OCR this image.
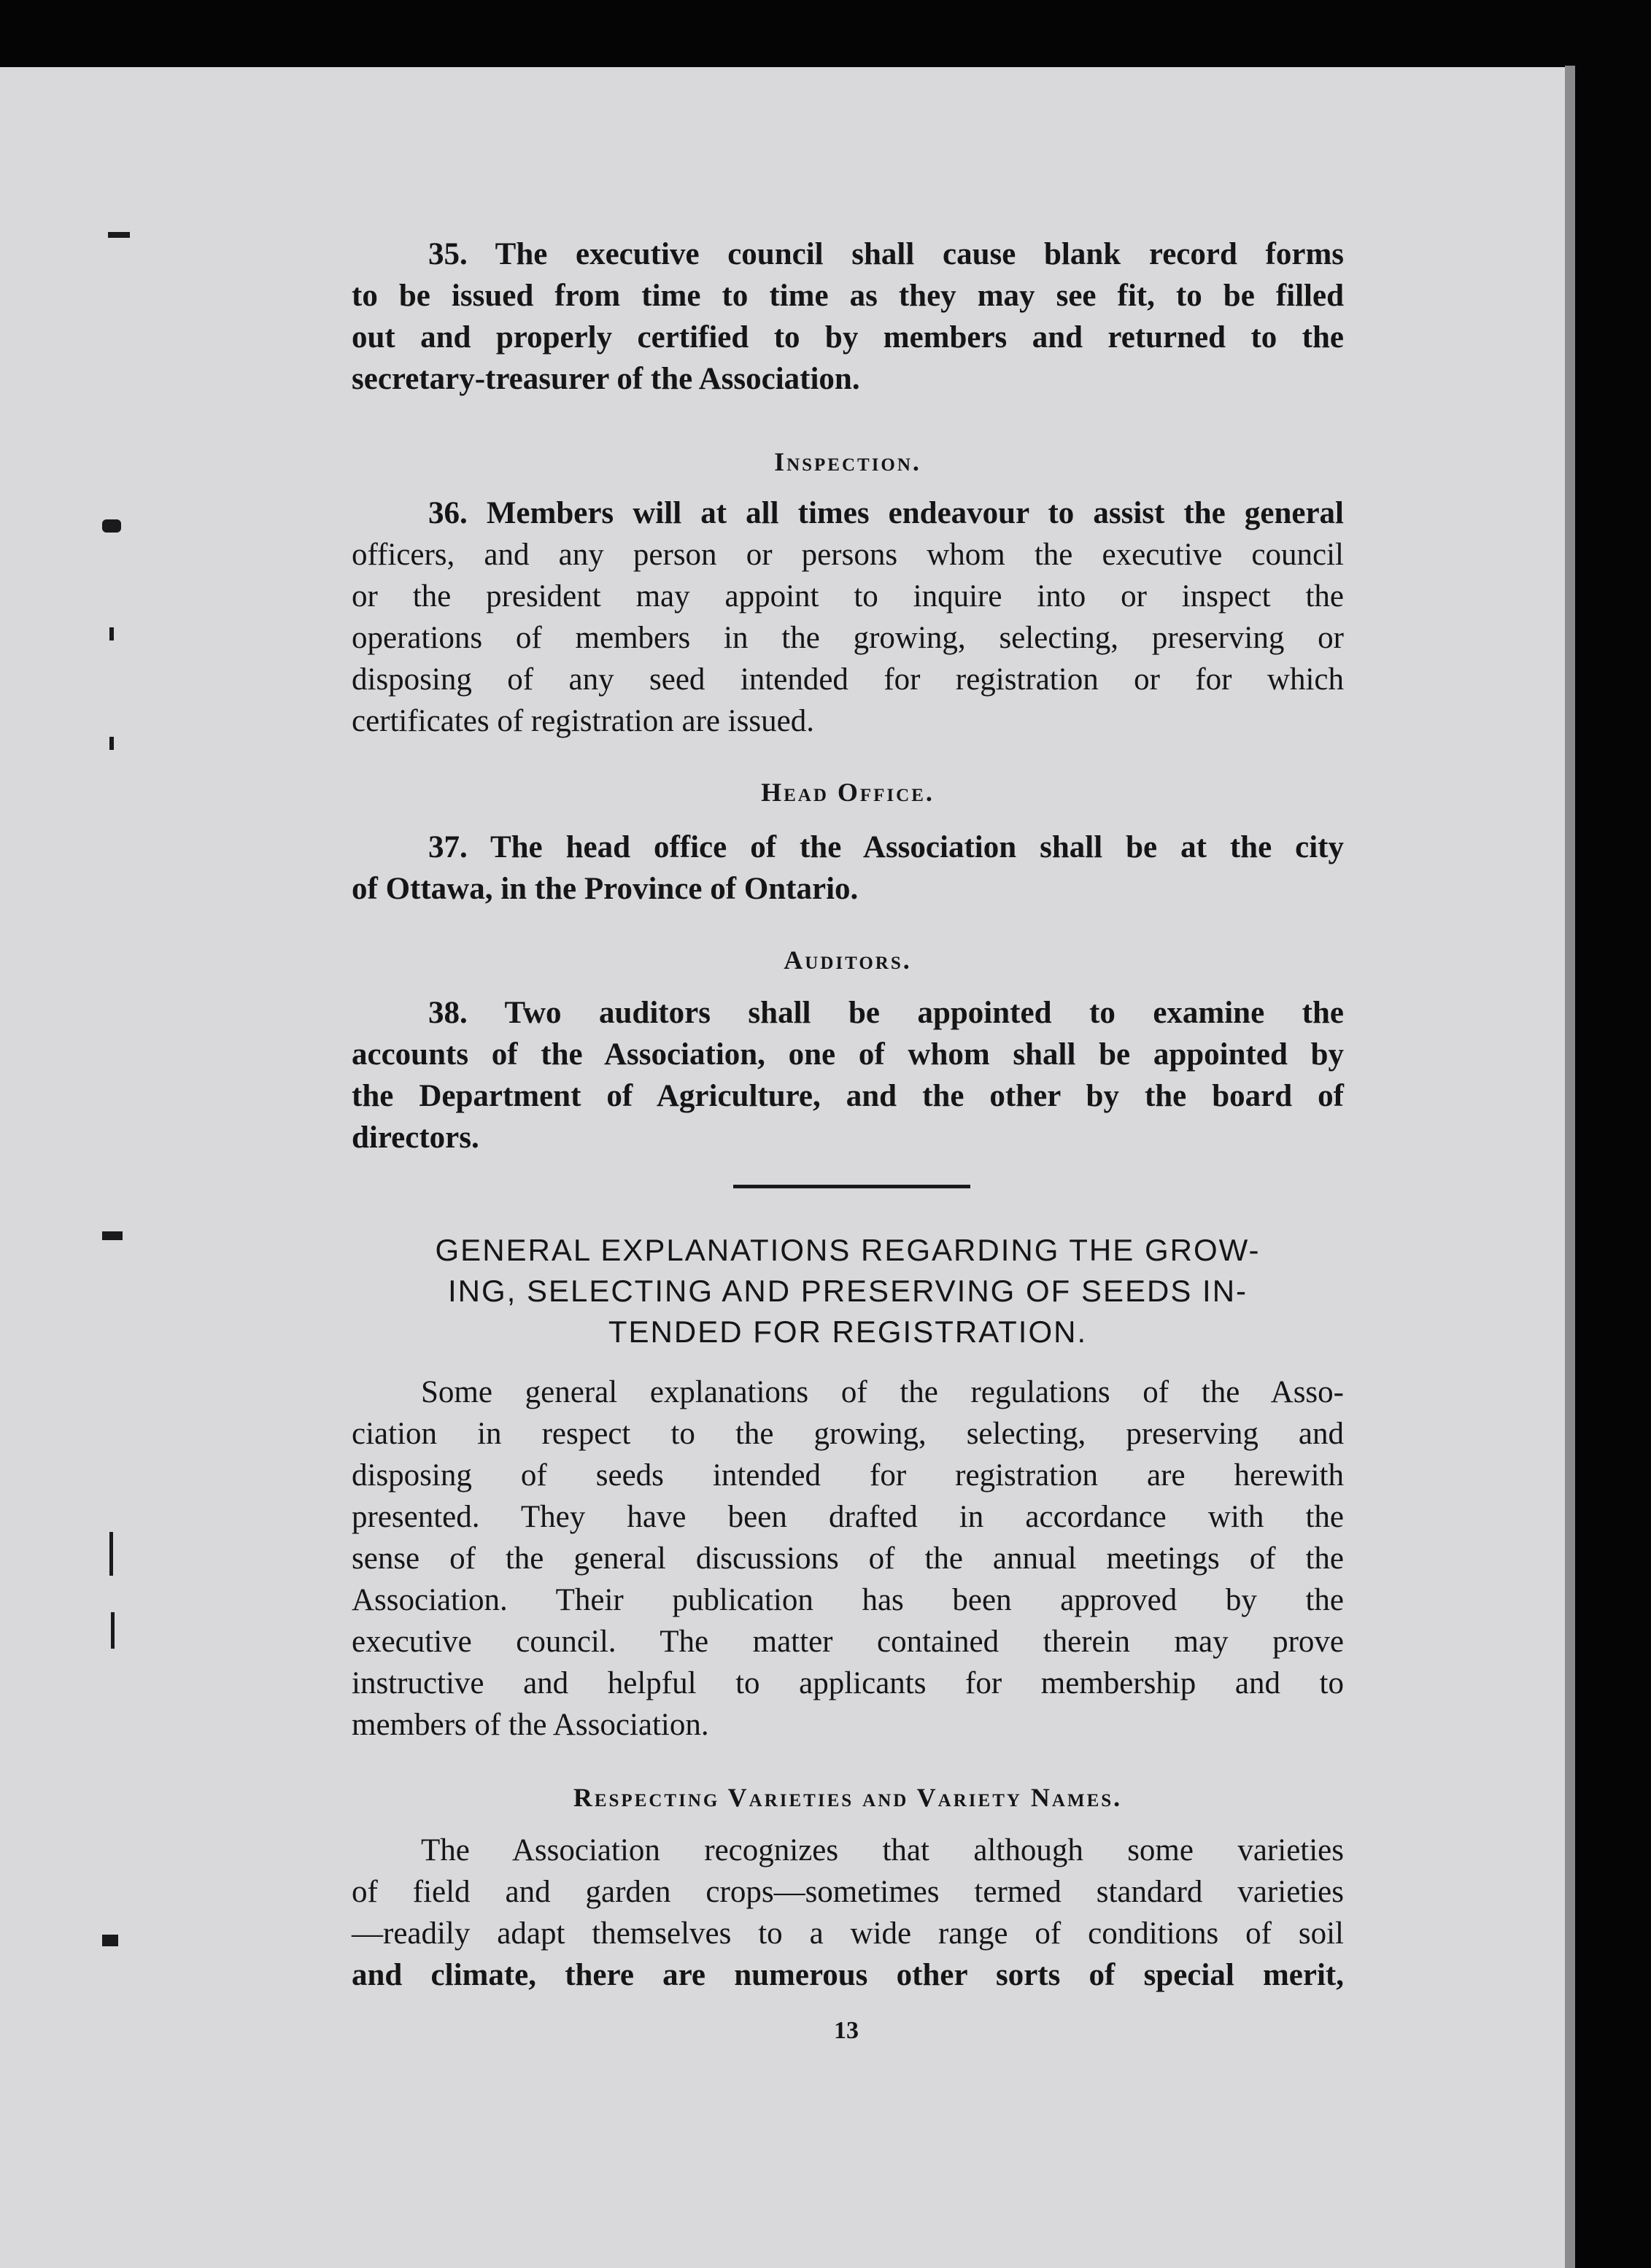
35. The executive council shall cause blank record forms
to be issued from time to time as they may see fit, to be filled
out and properly certified to by members and returned to the
secretary-treasurer of the Association.
Inspection.
36. Members will at all times endeavour to assist the general
officers, and any person or persons whom the executive council
or the president may appoint to inquire into or inspect the
operations of members in the growing, selecting, preserving or
disposing of any seed intended for registration or for which
certificates of registration are issued.
Head Office.
37. The head office of the Association shall be at the city
of Ottawa, in the Province of Ontario.
Auditors.
38. Two auditors shall be appointed to examine the
accounts of the Association, one of whom shall be appointed by
the Department of Agriculture, and the other by the board of
directors.
GENERAL EXPLANATIONS REGARDING THE GROW-
ING, SELECTING AND PRESERVING OF SEEDS IN-
TENDED FOR REGISTRATION.
Some general explanations of the regulations of the Asso-
ciation in respect to the growing, selecting, preserving and
disposing of seeds intended for registration are herewith
presented. They have been drafted in accordance with the
sense of the general discussions of the annual meetings of the
Association. Their publication has been approved by the
executive council. The matter contained therein may prove
instructive and helpful to applicants for membership and to
members of the Association.
Respecting Varieties and Variety Names.
The Association recognizes that although some varieties
of field and garden crops—sometimes termed standard varieties
—readily adapt themselves to a wide range of conditions of soil
and climate, there are numerous other sorts of special merit,
13
